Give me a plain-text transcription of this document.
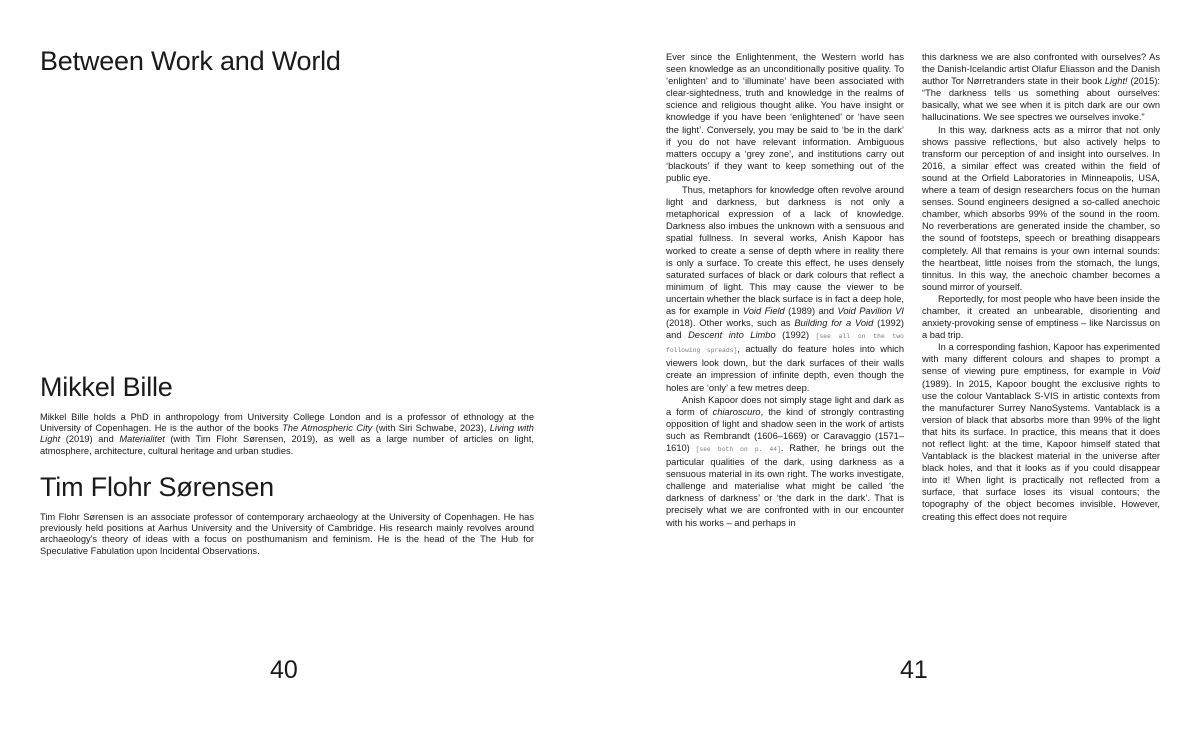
Between Work and World
Mikkel Bille

Mikkel Bille holds a PhD in anthropology from University College London and is a professor of ethnology at the University of Copenhagen. He is the author of the books The Atmospheric City (with Siri Schwabe, 2023), Living with Light (2019) and Materialitet (with Tim Flohr Sørensen, 2019), as well as a large number of articles on light, atmosphere, architecture, cultural heritage and urban studies.

Tim Flohr Sørensen

Tim Flohr Sørensen is an associate professor of contemporary archaeology at the University of Copenhagen. He has previously held positions at Aarhus University and the University of Cambridge. His research mainly revolves around archaeology's theory of ideas with a focus on posthumanism and feminism. He is the head of the The Hub for Speculative Fabulation upon Incidental Observations.

40

Ever since the Enlightenment, the Western world has seen knowledge as an unconditionally positive quality. To ‘enlighten’ and to ‘illuminate’ have been associated with clear-sightedness, truth and knowledge in the realms of science and religious thought alike. You have insight or knowledge if you have been ‘enlightened’ or ‘have seen the light’. Conversely, you may be said to ‘be in the dark’ if you do not have relevant information. Ambiguous matters occupy a ‘grey zone’, and institutions carry out ‘blackouts’ if they want to keep something out of the public eye.

Thus, metaphors for knowledge often revolve around light and darkness, but darkness is not only a metaphorical expression of a lack of knowledge. Darkness also imbues the unknown with a sensuous and spatial fullness. In several works, Anish Kapoor has worked to create a sense of depth where in reality there is only a surface. To create this effect, he uses densely saturated surfaces of black or dark colours that reflect a minimum of light. This may cause the viewer to be uncertain whether the black surface is in fact a deep hole, as for example in Void Field (1989) and Void Pavilion VI (2018). Other works, such as Building for a Void (1992) and Descent into Limbo (1992) [see all on the two following spreads], actually do feature holes into which viewers look down, but the dark surfaces of their walls create an impression of infinite depth, even though the holes are ‘only’ a few metres deep.

Anish Kapoor does not simply stage light and dark as a form of chiaroscuro, the kind of strongly contrasting opposition of light and shadow seen in the work of artists such as Rembrandt (1606–1669) or Caravaggio (1571–1610) [see both on p. 44]. Rather, he brings out the particular qualities of the dark, using darkness as a sensuous material in its own right. The works investigate, challenge and materialise what might be called ‘the darkness of darkness’ or ‘the dark in the dark’. That is precisely what we are confronted with in our encounter with his works – and perhaps in

this darkness we are also confronted with ourselves? As the Danish-Icelandic artist Olafur Eliasson and the Danish author Tor Nørretranders state in their book Light! (2015): “The darkness tells us something about ourselves: basically, what we see when it is pitch dark are our own hallucinations. We see spectres we ourselves invoke.”

In this way, darkness acts as a mirror that not only shows passive reflections, but also actively helps to transform our perception of and insight into ourselves. In 2016, a similar effect was created within the field of sound at the Orfield Laboratories in Minneapolis, USA, where a team of design researchers focus on the human senses. Sound engineers designed a so-called anechoic chamber, which absorbs 99% of the sound in the room. No reverberations are generated inside the chamber, so the sound of footsteps, speech or breathing disappears completely. All that remains is your own internal sounds: the heartbeat, little noises from the stomach, the lungs, tinnitus. In this way, the anechoic chamber becomes a sound mirror of yourself.

Reportedly, for most people who have been inside the chamber, it created an unbearable, disorienting and anxiety-provoking sense of emptiness – like Narcissus on a bad trip.

In a corresponding fashion, Kapoor has experimented with many different colours and shapes to prompt a sense of viewing pure emptiness, for example in Void (1989). In 2015, Kapoor bought the exclusive rights to use the colour Vantablack S-VIS in artistic contexts from the manufacturer Surrey NanoSystems. Vantablack is a version of black that absorbs more than 99% of the light that hits its surface. In practice, this means that it does not reflect light: at the time, Kapoor himself stated that Vantablack is the blackest material in the universe after black holes, and that it looks as if you could disappear into it! When light is practically not reflected from a surface, that surface loses its visual contours; the topography of the object becomes invisible. However, creating this effect does not require

41
